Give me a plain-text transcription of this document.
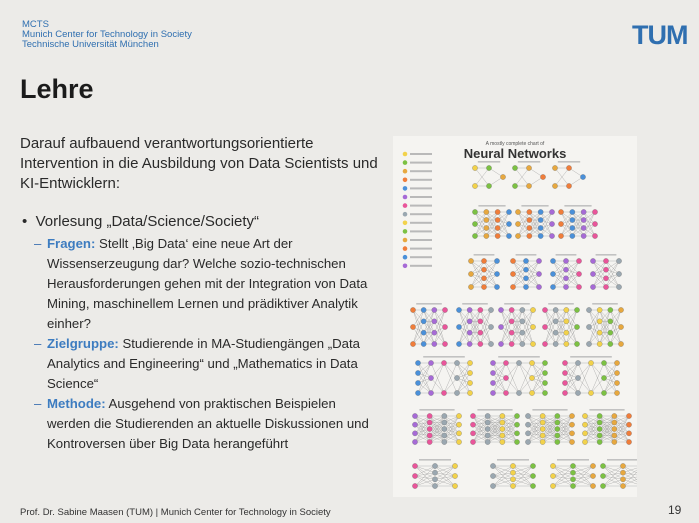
MCTS
Munich Center for Technology in Society
Technische Universität München	TUM
Lehre
Darauf aufbauend verantwortungsorientierte Intervention in die Ausbildung von Data Scientists und KI-Entwicklern:
•  Vorlesung „Data/Science/Society“
– Fragen: Stellt ‚Big Data‘ eine neue Art der Wissenserzeugung dar? Welche sozio-technischen Herausforderungen gehen mit der Integration von Data Mining, maschinellem Lernen und prädiktiver Analytik einher?
– Zielgruppe: Studierende in MA-Studiengängen „Data Analytics and Engineering“ und „Mathematics in Data Science“
– Methode: Ausgehend von praktischen Beispielen werden die Studierenden an aktuelle Diskussionen und Kontroversen über Big Data herangeführt
A mostly complete chart of
Neural Networks
Prof. Dr. Sabine Maasen (TUM) | Munich Center for Technology in Society	19
